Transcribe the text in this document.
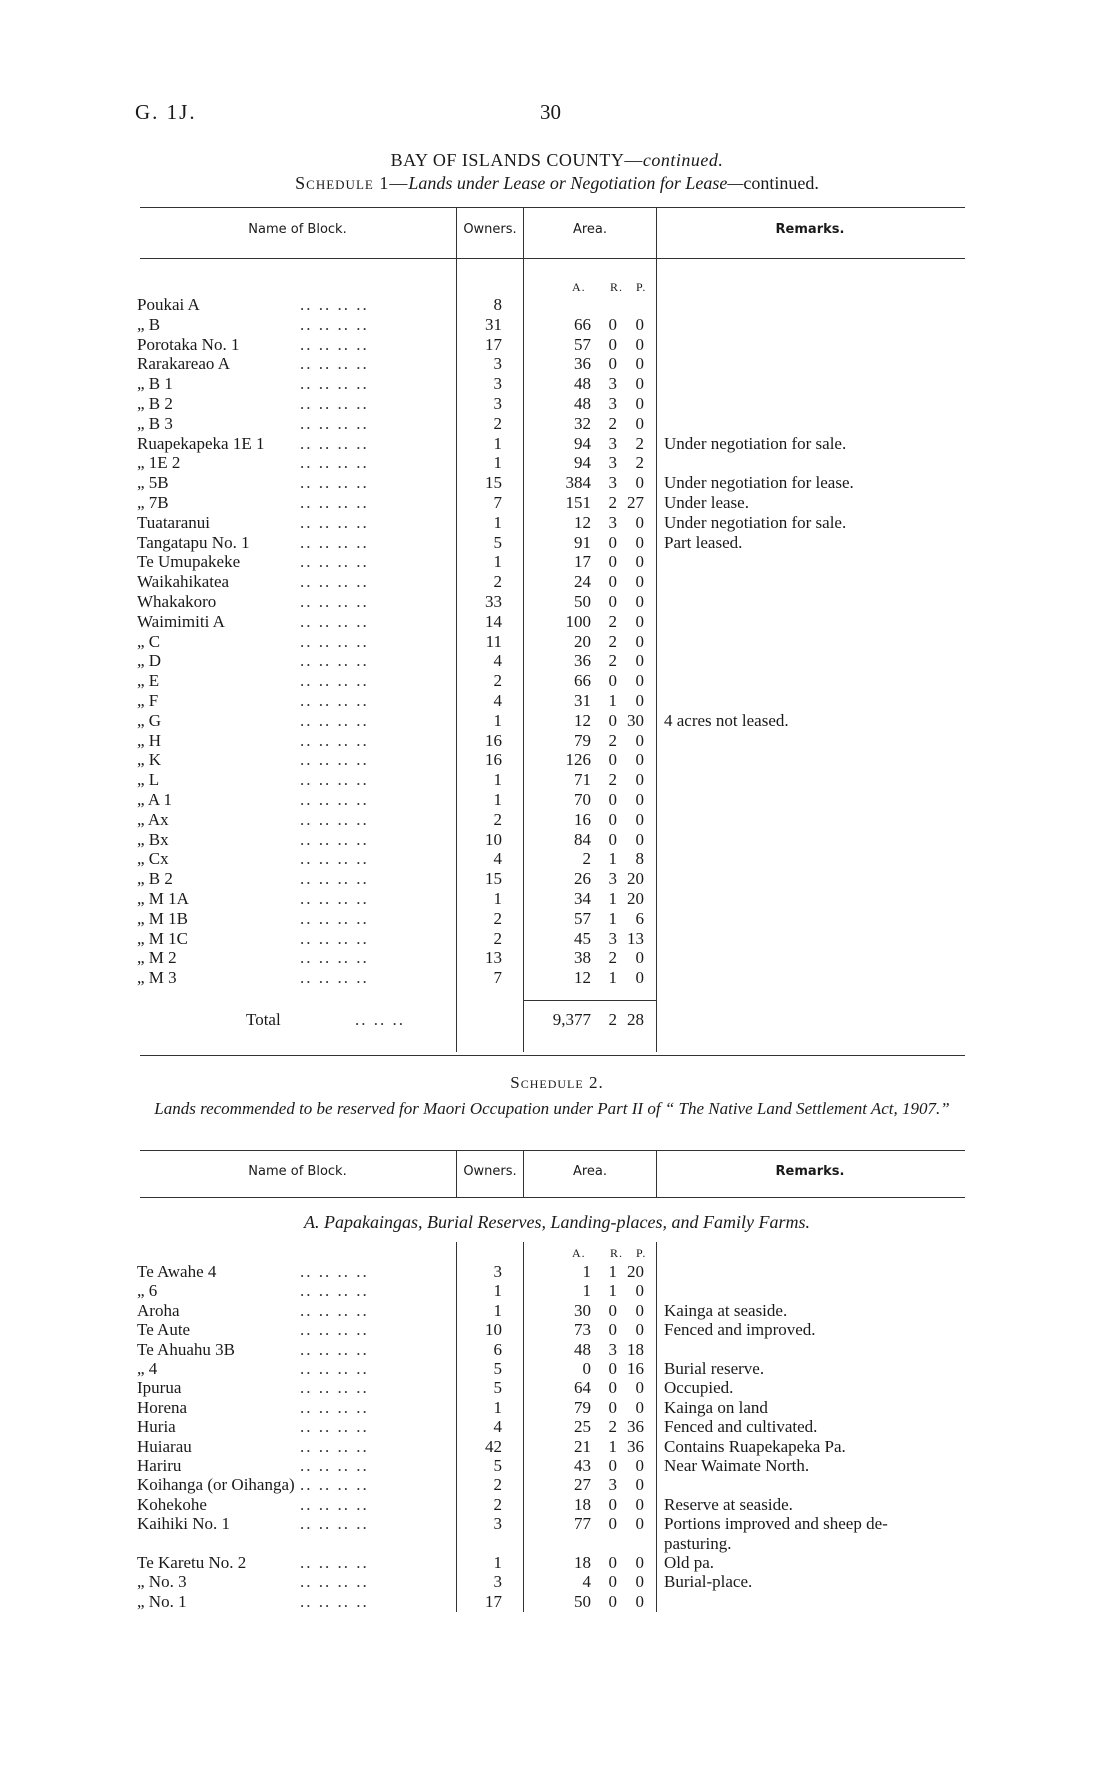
G. 1J.	30
BAY OF ISLANDS COUNTY—continued.
Schedule 1—Lands under Lease or Negotiation for Lease—continued.
Name of Block.	Owners.	Area.	Remarks.
A. R. P.
Poukai A	8
.. .. .. ..
„ B	31	66 0 0
.. .. .. ..
Porotaka No. 1	17	57 0 0
.. .. .. ..
Rarakareao A	3	36 0 0
.. .. .. ..
„ B 1	3	48 3 0
.. .. .. ..
„ B 2	3	48 3 0
.. .. .. ..
„ B 3	2	32 2 0
.. .. .. ..
Ruapekapeka 1E 1	1	94 3 2 Under negotiation for sale.
.. .. .. ..
„ 1E 2	1	94 3 2
.. .. .. ..
„ 5B	15	384 3 0 Under negotiation for lease.
.. .. .. ..
„ 7B	7	151 2 27 Under lease.
.. .. .. ..
Tuataranui	1	12 3 0 Under negotiation for sale.
.. .. .. ..
Tangatapu No. 1	5	91 0 0 Part leased.
.. .. .. ..
Te Umupakeke	1	17 0 0
.. .. .. ..
Waikahikatea	2	24 0 0
.. .. .. ..
Whakakoro	33	50 0 0
.. .. .. ..
Waimimiti A	14	100 2 0
.. .. .. ..
„ C	11	20 2 0
.. .. .. ..
„ D	4	36 2 0
.. .. .. ..
„ E	2	66 0 0
.. .. .. ..
„ F	4	31 1 0
.. .. .. ..
„ G	1	12 0 30 4 acres not leased.
.. .. .. ..
„ H	16	79 2 0
.. .. .. ..
„ K	16	126 0 0
.. .. .. ..
„ L	1	71 2 0
.. .. .. ..
„ A 1	1	70 0 0
.. .. .. ..
„ Ax	2	16 0 0
.. .. .. ..
„ Bx	10	84 0 0
.. .. .. ..
„ Cx	4	2 1 8
.. .. .. ..
„ B 2	15	26 3 20
.. .. .. ..
„ M 1A	1	34 1 20
.. .. .. ..
„ M 1B	2	57 1 6
.. .. .. ..
„ M 1C	2	45 3 13
.. .. .. ..
„ M 2	13	38 2 0
.. .. .. ..
„ M 3	7	12 1 0
.. .. .. ..
Total	.. .. ..	9,377 2 28
Schedule 2.
Lands recommended to be reserved for Maori Occupation under Part II of “ The Native Land Settlement Act, 1907.”
Name of Block.	Owners.	Area.	Remarks.
A. Papakaingas, Burial Reserves, Landing-places, and Family Farms.
A. R. P.
Te Awahe 4	3	1 1 20
.. .. .. ..
„ 6	1	1 1 0
.. .. .. ..
Aroha	1	30 0 0 Kainga at seaside.
.. .. .. ..
Te Aute	10	73 0 0 Fenced and improved.
.. .. .. ..
Te Ahuahu 3B	6	48 3 18
.. .. .. ..
„ 4	5	0 0 16 Burial reserve.
.. .. .. ..
Ipurua	5	64 0 0 Occupied.
.. .. .. ..
Horena	1	79 0 0 Kainga on land
.. .. .. ..
Huria	4	25 2 36 Fenced and cultivated.
.. .. .. ..
Huiarau	42	21 1 36 Contains Ruapekapeka Pa.
.. .. .. ..
Hariru	5	43 0 0 Near Waimate North.
.. .. .. ..
Koihanga (or Oihanga)	2	27 3 0
.. .. .. ..
Kohekohe	2	18 0 0 Reserve at seaside.
.. .. .. ..
Kaihiki No. 1	3	77 0 0 Portions improved and sheep de-
.. .. .. ..
pasturing.
Te Karetu No. 2	1	18 0 0 Old pa.
.. .. .. ..
„ No. 3	3	4 0 0 Burial-place.
.. .. .. ..
„ No. 1	17	50 0 0
.. .. .. ..
